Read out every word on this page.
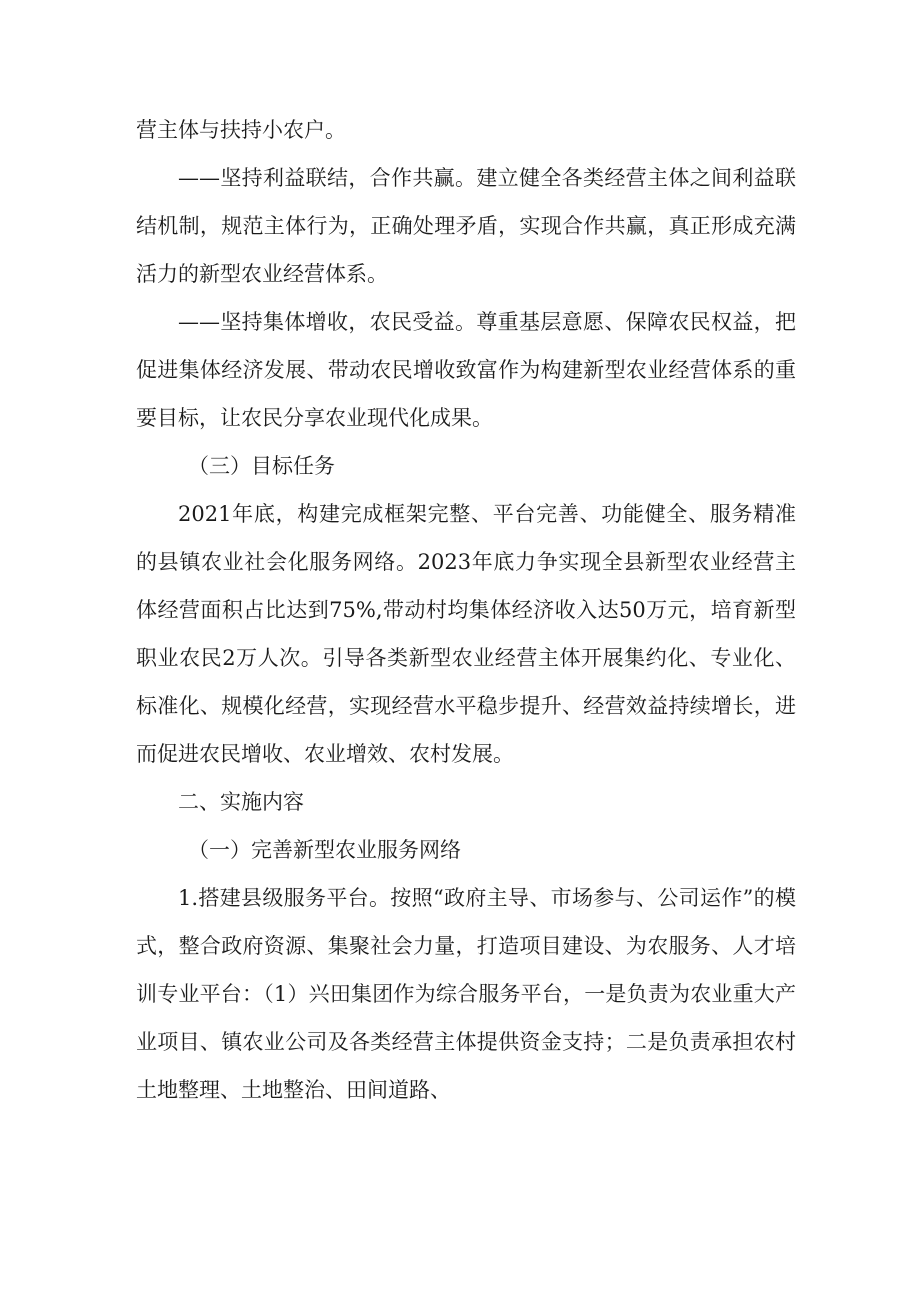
营主体与扶持小农户。

——坚持利益联结，合作共赢。建立健全各类经营主体之间利益联结机制，规范主体行为，正确处理矛盾，实现合作共赢，真正形成充满活力的新型农业经营体系。

——坚持集体增收，农民受益。尊重基层意愿、保障农民权益，把促进集体经济发展、带动农民增收致富作为构建新型农业经营体系的重要目标，让农民分享农业现代化成果。

（三）目标任务

2021年底，构建完成框架完整、平台完善、功能健全、服务精准的县镇农业社会化服务网络。2023年底力争实现全县新型农业经营主体经营面积占比达到75%,带动村均集体经济收入达50万元，培育新型职业农民2万人次。引导各类新型农业经营主体开展集约化、专业化、标准化、规模化经营，实现经营水平稳步提升、经营效益持续增长，进而促进农民增收、农业增效、农村发展。

二、实施内容

（一）完善新型农业服务网络

1.搭建县级服务平台。按照“政府主导、市场参与、公司运作”的模式，整合政府资源、集聚社会力量，打造项目建设、为农服务、人才培训专业平台：（1）兴田集团作为综合服务平台，一是负责为农业重大产业项目、镇农业公司及各类经营主体提供资金支持；二是负责承担农村土地整理、土地整治、田间道路、
